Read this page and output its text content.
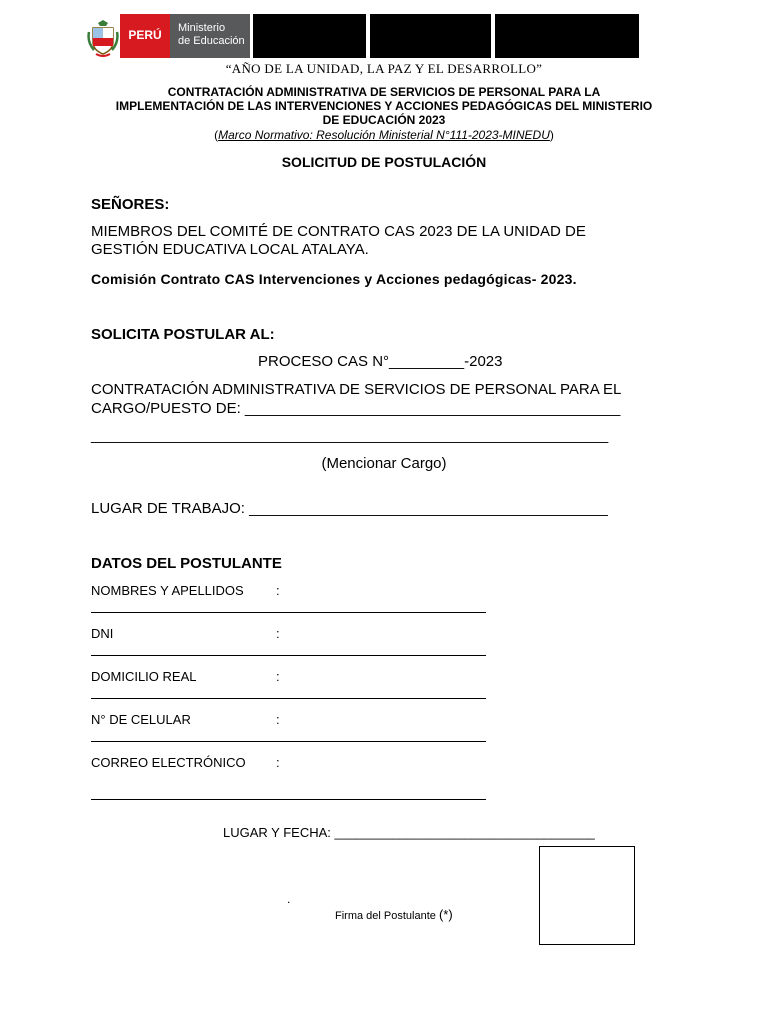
PERÚ	Ministerio
de Educación
“AÑO DE LA UNIDAD, LA PAZ Y EL DESARROLLO”
CONTRATACIÓN ADMINISTRATIVA DE SERVICIOS DE PERSONAL PARA LA
IMPLEMENTACIÓN DE LAS INTERVENCIONES Y ACCIONES PEDAGÓGICAS DEL MINISTERIO
DE EDUCACIÓN 2023
(Marco Normativo: Resolución Ministerial N°111-2023-MINEDU)
SOLICITUD DE POSTULACIÓN
SEÑORES:
MIEMBROS DEL COMITÉ DE CONTRATO CAS 2023 DE LA UNIDAD DE
GESTIÓN EDUCATIVA LOCAL ATALAYA.
Comisión Contrato CAS Intervenciones y Acciones pedagógicas- 2023.
SOLICITA POSTULAR AL:
PROCESO CAS N°_________-2023
CONTRATACIÓN ADMINISTRATIVA DE SERVICIOS DE PERSONAL PARA EL
CARGO/PUESTO DE: _____________________________________________
______________________________________________________________
(Mencionar Cargo)
LUGAR DE TRABAJO: ___________________________________________
DATOS DEL POSTULANTE
NOMBRES Y APELLIDOS :
DNI	:
DOMICILIO REAL	:
N° DE CELULAR	:
CORREO ELECTRÓNICO :
LUGAR Y FECHA: ____________________________________
.
Firma del Postulante (*)
